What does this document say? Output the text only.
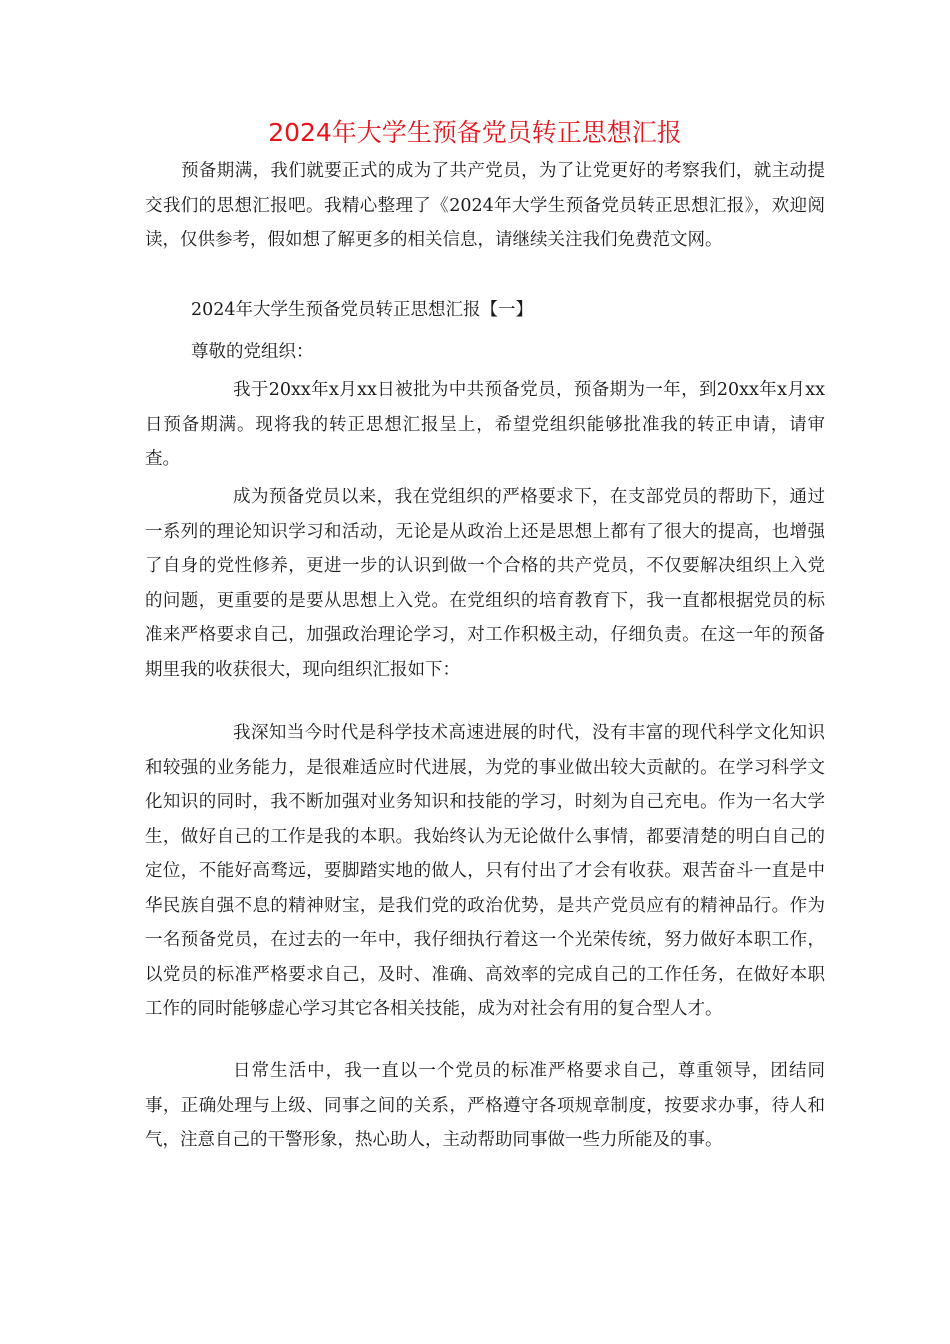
2024年大学生预备党员转正思想汇报

预备期满，我们就要正式的成为了共产党员，为了让党更好的考察我们，就主动提交我们的思想汇报吧。我精心整理了《2024年大学生预备党员转正思想汇报》，欢迎阅读，仅供参考，假如想了解更多的相关信息，请继续关注我们免费范文网。

2024年大学生预备党员转正思想汇报【一】

尊敬的党组织：

我于20xx年x月xx日被批为中共预备党员，预备期为一年，到20xx年x月xx日预备期满。现将我的转正思想汇报呈上，希望党组织能够批准我的转正申请，请审查。

成为预备党员以来，我在党组织的严格要求下，在支部党员的帮助下，通过一系列的理论知识学习和活动，无论是从政治上还是思想上都有了很大的提高，也增强了自身的党性修养，更进一步的认识到做一个合格的共产党员，不仅要解决组织上入党的问题，更重要的是要从思想上入党。在党组织的培育教育下，我一直都根据党员的标准来严格要求自己，加强政治理论学习，对工作积极主动，仔细负责。在这一年的预备期里我的收获很大，现向组织汇报如下：

我深知当今时代是科学技术高速进展的时代，没有丰富的现代科学文化知识和较强的业务能力，是很难适应时代进展，为党的事业做出较大贡献的。在学习科学文化知识的同时，我不断加强对业务知识和技能的学习，时刻为自己充电。作为一名大学生，做好自己的工作是我的本职。我始终认为无论做什么事情，都要清楚的明白自己的定位，不能好高骛远，要脚踏实地的做人，只有付出了才会有收获。艰苦奋斗一直是中华民族自强不息的精神财宝，是我们党的政治优势，是共产党员应有的精神品行。作为一名预备党员，在过去的一年中，我仔细执行着这一个光荣传统，努力做好本职工作，以党员的标准严格要求自己，及时、准确、高效率的完成自己的工作任务，在做好本职工作的同时能够虚心学习其它各相关技能，成为对社会有用的复合型人才。

日常生活中，我一直以一个党员的标准严格要求自己，尊重领导，团结同事，正确处理与上级、同事之间的关系，严格遵守各项规章制度，按要求办事，待人和气，注意自己的干警形象，热心助人，主动帮助同事做一些力所能及的事。
